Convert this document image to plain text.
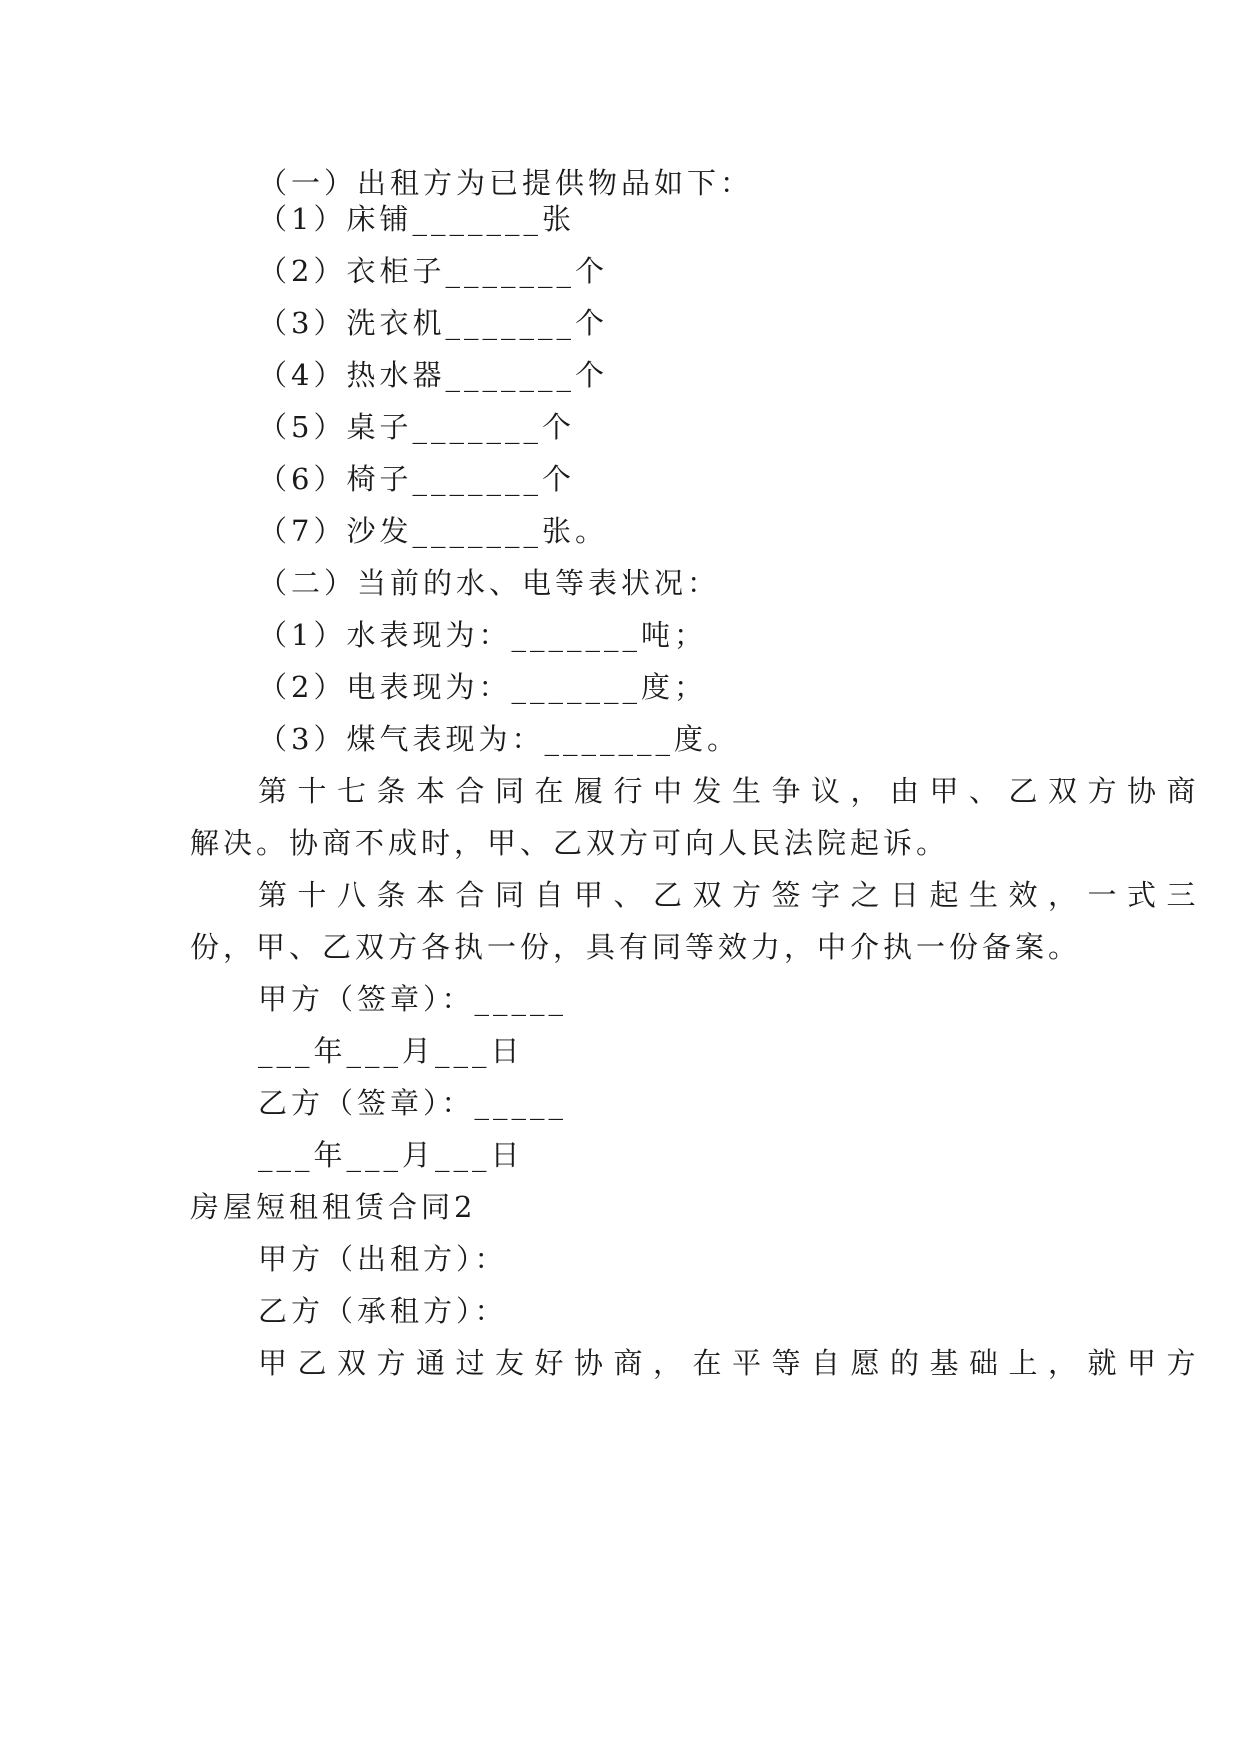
（一）出租方为已提供物品如下：
（1）床铺_______张
（2）衣柜子_______个
（3）洗衣机_______个
（4）热水器_______个
（5）桌子_______个
（6）椅子_______个
（7）沙发_______张。
（二）当前的水、电等表状况：
（1）水表现为：_______吨；
（2）电表现为：_______度；
（3）煤气表现为：_______度。
第十七条本合同在履行中发生争议，由甲、乙双方协商
解决。协商不成时，甲、乙双方可向人民法院起诉。
第十八条本合同自甲、乙双方签字之日起生效，一式三
份，甲、乙双方各执一份，具有同等效力，中介执一份备案。
甲方（签章）：_____
___年___月___日
乙方（签章）：_____
___年___月___日
房屋短租租赁合同2
甲方（出租方）：
乙方（承租方）：
甲乙双方通过友好协商，在平等自愿的基础上，就甲方
